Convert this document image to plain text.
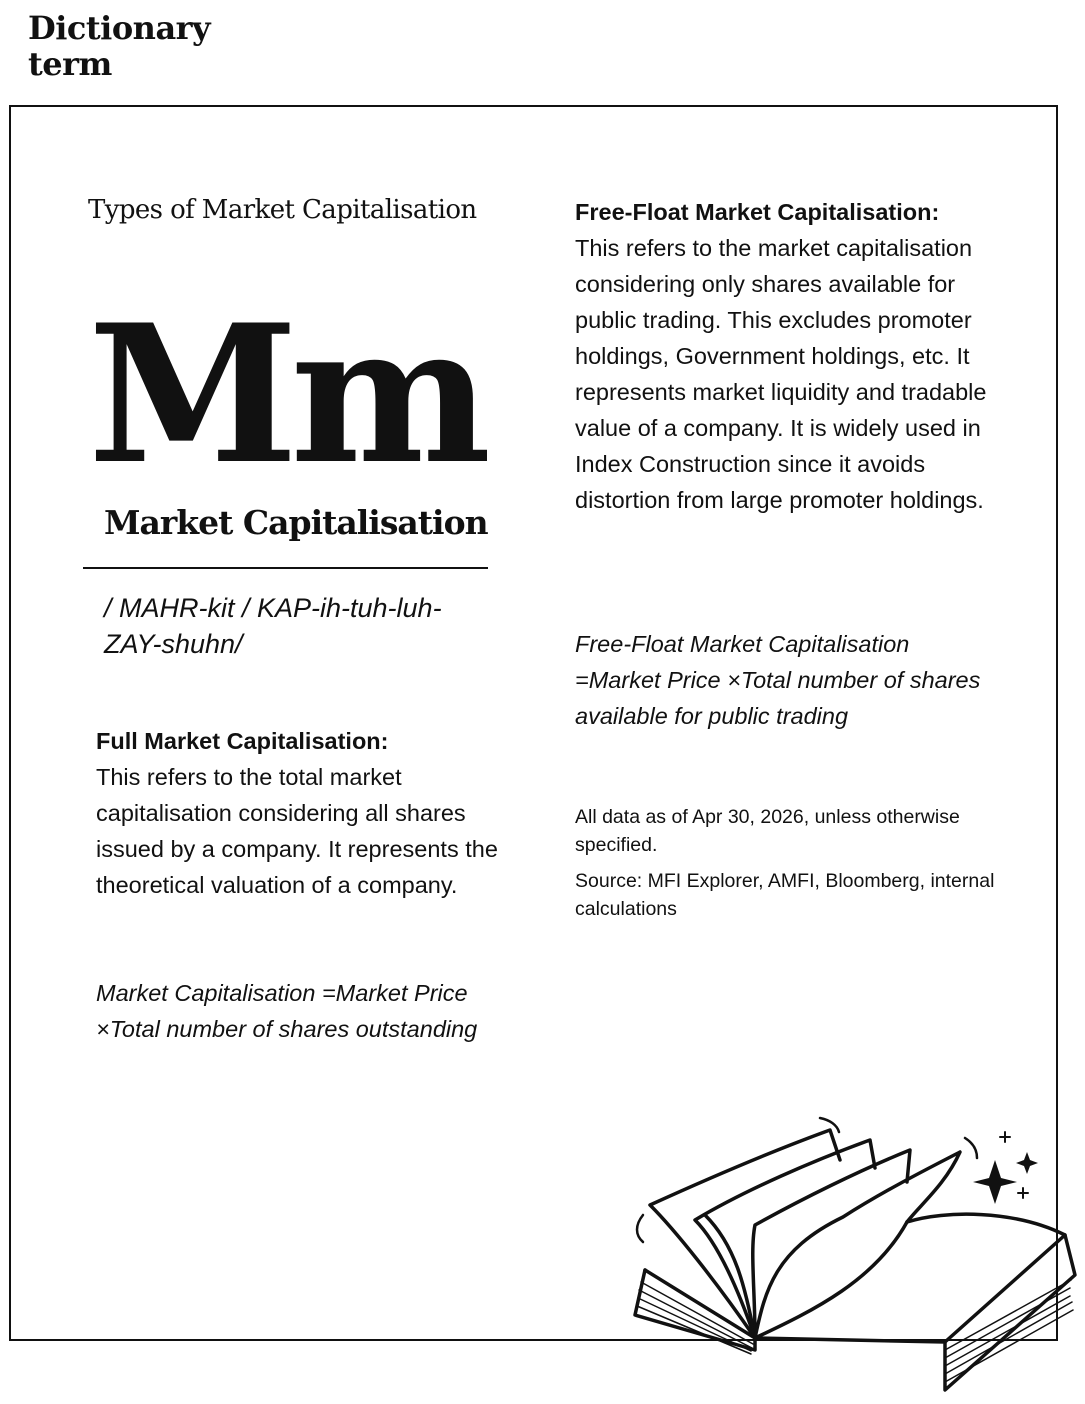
Dictionary term
Types of Market Capitalisation
Mm
Market Capitalisation

/ MAHR-kit / KAP-ih-tuh-luh-ZAY-shuhn/

Full Market Capitalisation:
This refers to the total market capitalisation considering all shares issued by a company. It represents the theoretical valuation of a company.

Market Capitalisation =Market Price ×Total number of shares outstanding

Free-Float Market Capitalisation:
This refers to the market capitalisation considering only shares available for public trading. This excludes promoter holdings, Government holdings, etc. It represents market liquidity and tradable value of a company. It is widely used in Index Construction since it avoids distortion from large promoter holdings.

Free-Float Market Capitalisation =Market Price ×Total number of shares available for public trading

All data as of Apr 30, 2026, unless otherwise specified.

Source: MFI Explorer, AMFI, Bloomberg, internal calculations
